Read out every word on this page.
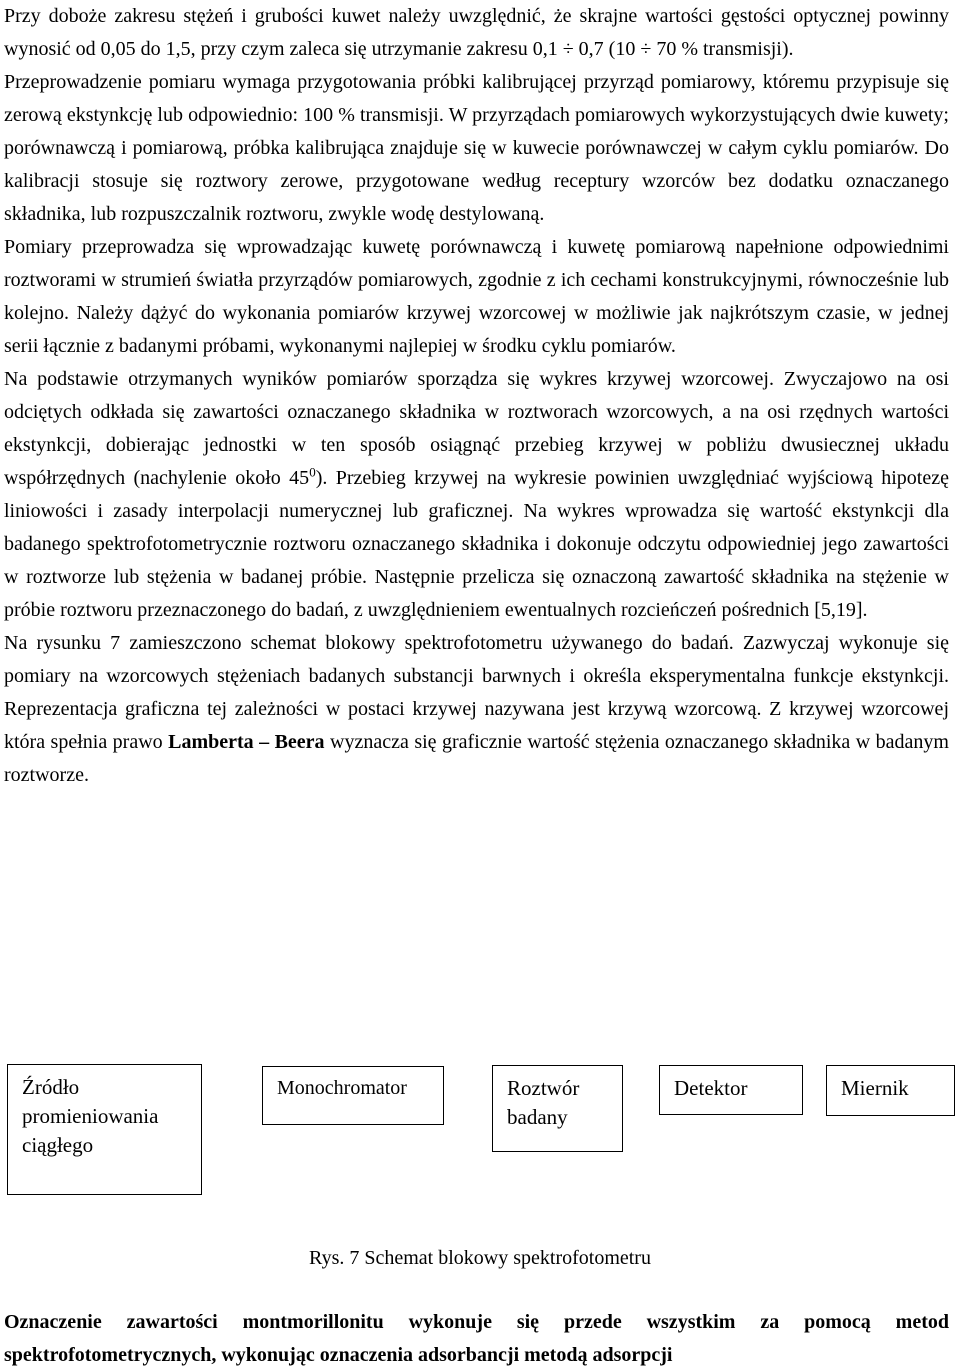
Przy doboże zakresu stężeń i grubości kuwet należy uwzględnić, że skrajne wartości gęstości optycznej powinny wynosić od 0,05 do 1,5, przy czym zaleca się utrzymanie zakresu 0,1 ÷ 0,7 (10 ÷ 70 % transmisji).

Przeprowadzenie pomiaru wymaga przygotowania próbki kalibrującej przyrząd pomiarowy, któremu przypisuje się zerową ekstynkcję lub odpowiednio: 100 % transmisji. W przyrządach pomiarowych wykorzystujących dwie kuwety; porównawczą i pomiarową, próbka kalibrująca znajduje się w kuwecie porównawczej w całym cyklu pomiarów. Do kalibracji stosuje się roztwory zerowe, przygotowane według receptury wzorców bez dodatku oznaczanego składnika, lub rozpuszczalnik roztworu, zwykle wodę destylowaną.

Pomiary przeprowadza się wprowadzając kuwetę porównawczą i kuwetę pomiarową napełnione odpowiednimi roztworami w strumień światła przyrządów pomiarowych, zgodnie z ich cechami konstrukcyjnymi, równocześnie lub kolejno. Należy dążyć do wykonania pomiarów krzywej wzorcowej w możliwie jak najkrótszym czasie, w jednej serii łącznie z badanymi próbami, wykonanymi najlepiej w środku cyklu pomiarów.

Na podstawie otrzymanych wyników pomiarów sporządza się wykres krzywej wzorcowej. Zwyczajowo na osi odciętych odkłada się zawartości oznaczanego składnika w roztworach wzorcowych, a na osi rzędnych wartości ekstynkcji, dobierając jednostki w ten sposób osiągnąć przebieg krzywej w pobliżu dwusiecznej układu współrzędnych (nachylenie około $45^0$). Przebieg krzywej na wykresie powinien uwzględniać wyjściową hipotezę liniowości i zasady interpolacji numerycznej lub graficznej. Na wykres wprowadza się wartość ekstynkcji dla badanego spektrofotometrycznie roztworu oznaczanego składnika i dokonuje odczytu odpowiedniej jego zawartości w roztworze lub stężenia w badanej próbie. Następnie przelicza się oznaczoną zawartość składnika na stężenie w próbie roztworu przeznaczonego do badań, z uwzględnieniem ewentualnych rozcieńczeń pośrednich [5,19].

Na rysunku 7 zamieszczono schemat blokowy spektrofotometru używanego do badań. Zazwyczaj wykonuje się pomiary na wzorcowych stężeniach badanych substancji barwnych i określa eksperymentalna funkcje ekstynkcji. Reprezentacja graficzna tej zależności w postaci krzywej nazywana jest krzywą wzorcową. Z krzywej wzorcowej która spełnia prawo Lamberta – Beera wyznacza się graficznie wartość stężenia oznaczanego składnika w badanym roztworze.

Źródło promieniowania ciągłego
Monochromator	Roztwór badany
Detektor	Miernik
Rys. 7 Schemat blokowy spektrofotometru

Oznaczenie zawartości montmorillonitu wykonuje się przede wszystkim za pomocą metod spektrofotometrycznych, wykonując oznaczenia adsorbancji metodą adsorpcji
